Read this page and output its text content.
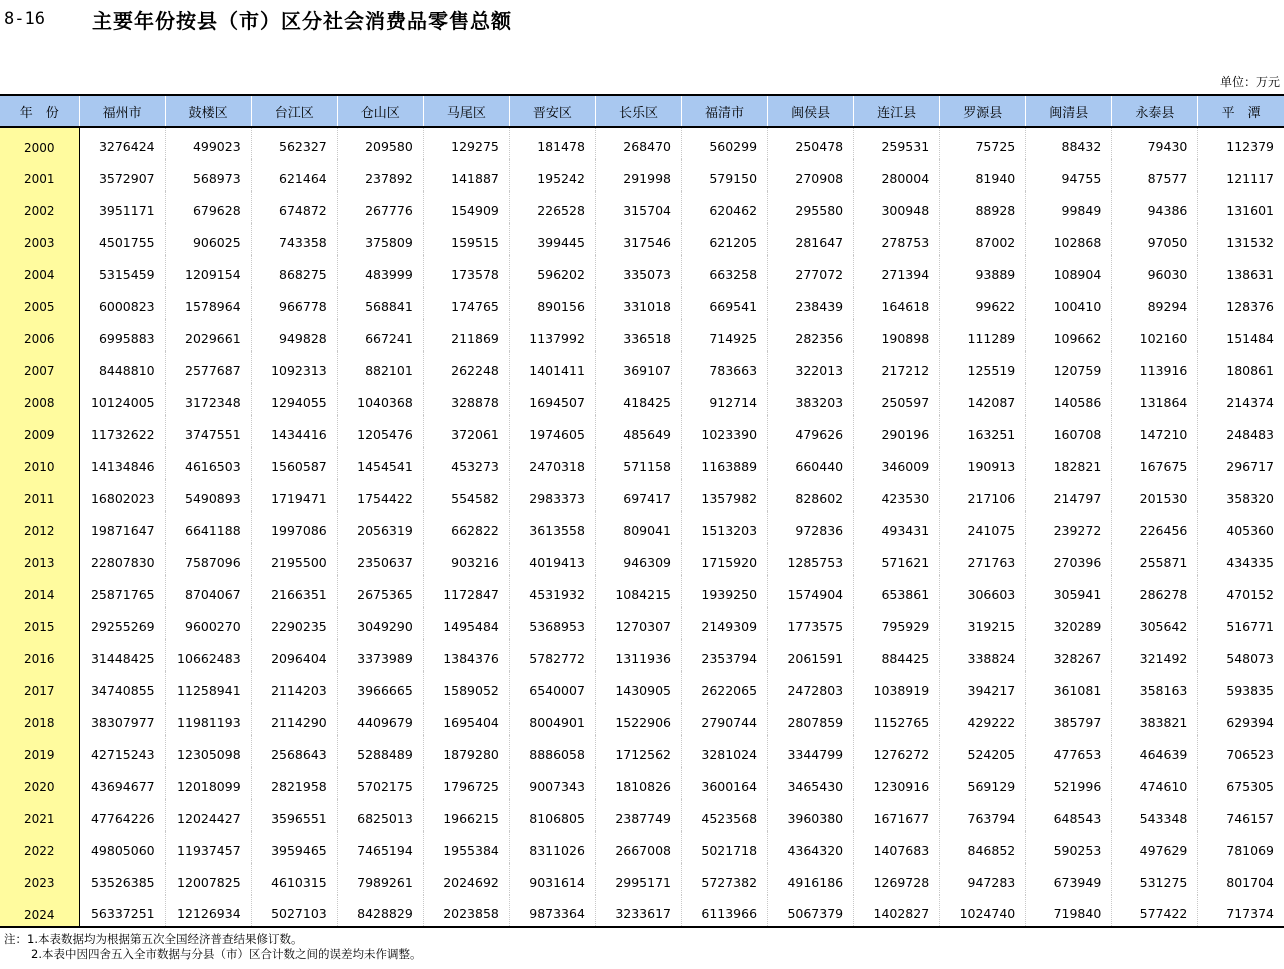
8-16	主要年份按县（市）区分社会消费品零售总额
单位：万元
年　份	福州市	鼓楼区	台江区	仓山区	马尾区	晋安区	长乐区	福清市	闽侯县	连江县	罗源县	闽清县	永泰县	平　潭
2000	3276424	499023	562327	209580	129275	181478	268470	560299	250478	259531	75725	88432	79430	112379
2001	3572907	568973	621464	237892	141887	195242	291998	579150	270908	280004	81940	94755	87577	121117
2002	3951171	679628	674872	267776	154909	226528	315704	620462	295580	300948	88928	99849	94386	131601
2003	4501755	906025	743358	375809	159515	399445	317546	621205	281647	278753	87002	102868	97050	131532
2004	5315459	1209154	868275	483999	173578	596202	335073	663258	277072	271394	93889	108904	96030	138631
2005	6000823	1578964	966778	568841	174765	890156	331018	669541	238439	164618	99622	100410	89294	128376
2006	6995883	2029661	949828	667241	211869	1137992	336518	714925	282356	190898	111289	109662	102160	151484
2007	8448810	2577687	1092313	882101	262248	1401411	369107	783663	322013	217212	125519	120759	113916	180861
2008	10124005	3172348	1294055	1040368	328878	1694507	418425	912714	383203	250597	142087	140586	131864	214374
2009	11732622	3747551	1434416	1205476	372061	1974605	485649	1023390	479626	290196	163251	160708	147210	248483
2010	14134846	4616503	1560587	1454541	453273	2470318	571158	1163889	660440	346009	190913	182821	167675	296717
2011	16802023	5490893	1719471	1754422	554582	2983373	697417	1357982	828602	423530	217106	214797	201530	358320
2012	19871647	6641188	1997086	2056319	662822	3613558	809041	1513203	972836	493431	241075	239272	226456	405360
2013	22807830	7587096	2195500	2350637	903216	4019413	946309	1715920	1285753	571621	271763	270396	255871	434335
2014	25871765	8704067	2166351	2675365	1172847	4531932	1084215	1939250	1574904	653861	306603	305941	286278	470152
2015	29255269	9600270	2290235	3049290	1495484	5368953	1270307	2149309	1773575	795929	319215	320289	305642	516771
2016	31448425	10662483	2096404	3373989	1384376	5782772	1311936	2353794	2061591	884425	338824	328267	321492	548073
2017	34740855	11258941	2114203	3966665	1589052	6540007	1430905	2622065	2472803	1038919	394217	361081	358163	593835
2018	38307977	11981193	2114290	4409679	1695404	8004901	1522906	2790744	2807859	1152765	429222	385797	383821	629394
2019	42715243	12305098	2568643	5288489	1879280	8886058	1712562	3281024	3344799	1276272	524205	477653	464639	706523
2020	43694677	12018099	2821958	5702175	1796725	9007343	1810826	3600164	3465430	1230916	569129	521996	474610	675305
2021	47764226	12024427	3596551	6825013	1966215	8106805	2387749	4523568	3960380	1671677	763794	648543	543348	746157
2022	49805060	11937457	3959465	7465194	1955384	8311026	2667008	5021718	4364320	1407683	846852	590253	497629	781069
2023	53526385	12007825	4610315	7989261	2024692	9031614	2995171	5727382	4916186	1269728	947283	673949	531275	801704
2024	56337251	12126934	5027103	8428829	2023858	9873364	3233617	6113966	5067379	1402827	1024740	719840	577422	717374
注：1.本表数据均为根据第五次全国经济普查结果修订数。
2.本表中因四舍五入全市数据与分县（市）区合计数之间的误差均未作调整。
